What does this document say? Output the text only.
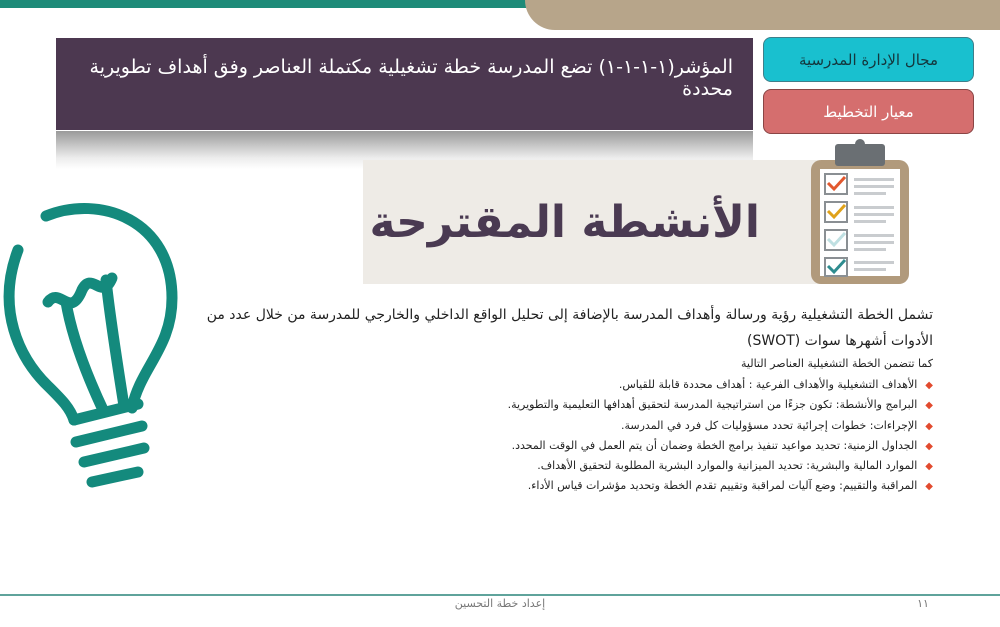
المؤشر(١-١-١-١) تضع المدرسة خطة تشغيلية مكتملة العناصر وفق أهداف تطويرية محددة
مجال الإدارة المدرسية
معيار التخطيط
الأنشطة المقترحة

تشمل الخطة التشغيلية رؤية ورسالة وأهداف المدرسة بالإضافة إلى تحليل الواقع الداخلي والخارجي للمدرسة من خلال عدد من الأدوات أشهرها سوات (SWOT)

كما تتضمن الخطة التشغيلية العناصر التالية

◆الأهداف التشغيلية والأهداف الفرعية : أهداف محددة قابلة للقياس.
◆البرامج والأنشطة: تكون جزءًا من استراتيجية المدرسة لتحقيق أهدافها التعليمية والتطويرية.
◆الإجراءات: خطوات إجرائية تحدد مسؤوليات كل فرد في المدرسة.
◆الجداول الزمنية: تحديد مواعيد تنفيذ برامج الخطة وضمان أن يتم العمل في الوقت المحدد.
◆الموارد المالية والبشرية: تحديد الميزانية والموارد البشرية المطلوبة لتحقيق الأهداف.
◆المراقبة والتقييم: وضع آليات لمراقبة وتقييم تقدم الخطة وتحديد مؤشرات قياس الأداء.
إعداد خطة التحسين	١١
